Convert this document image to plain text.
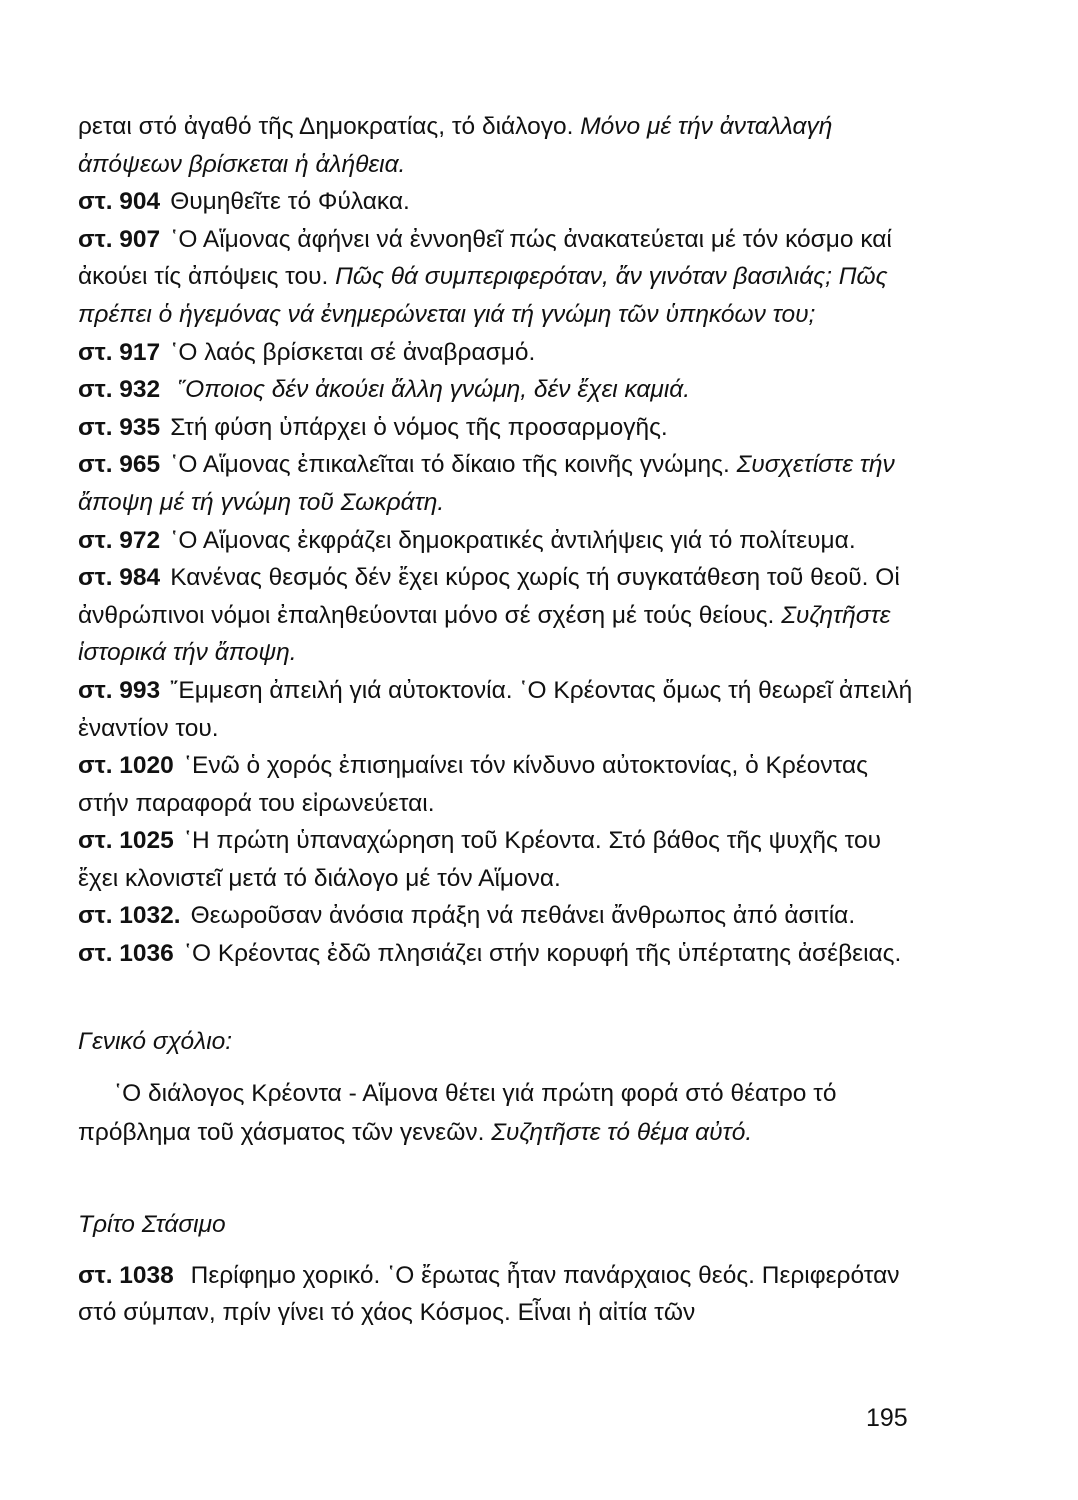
ρεται στό ἀγαθό τῆς Δημοκρατίας, τό διάλογο. Μόνο μέ τήν ἀνταλλαγή ἀπόψεων βρίσκεται ἡ ἀλήθεια.

στ. 904 Θυμηθεῖτε τό Φύλακα.

στ. 907 ῾Ο Αἵμονας ἀφήνει νά ἐννοηθεῖ πώς ἀνακατεύεται μέ τόν κόσμο καί ἀκούει τίς ἀπόψεις του. Πῶς θά συμπεριφερόταν, ἄν γινόταν βασιλιάς; Πῶς πρέπει ὁ ἡγεμόνας νά ἐνημερώνεται γιά τή γνώμη τῶν ὑπηκόων του;

στ. 917 ῾Ο λαός βρίσκεται σέ ἀναβρασμό.

στ. 932 ῞Οποιος δέν ἀκούει ἄλλη γνώμη, δέν ἔχει καμιά.

στ. 935 Στή φύση ὑπάρχει ὁ νόμος τῆς προσαρμογῆς.

στ. 965 ῾Ο Αἵμονας ἐπικαλεῖται τό δίκαιο τῆς κοινῆς γνώμης. Συσχετίστε τήν ἄποψη μέ τή γνώμη τοῦ Σωκράτη.

στ. 972 ῾Ο Αἵμονας ἐκφράζει δημοκρατικές ἀντιλήψεις γιά τό πολίτευμα.

στ. 984 Κανένας θεσμός δέν ἔχει κύρος χωρίς τή συγκατάθεση τοῦ θεοῦ. Οἱ ἀνθρώπινοι νόμοι ἐπαληθεύονται μόνο σέ σχέση μέ τούς θείους. Συζητῆστε ἱστορικά τήν ἄποψη.

στ. 993 ῎Εμμεση ἀπειλή γιά αὐτοκτονία. ῾Ο Κρέοντας ὅμως τή θεωρεῖ ἀπειλή ἐναντίον του.

στ. 1020 ῾Ενῶ ὁ χορός ἐπισημαίνει τόν κίνδυνο αὐτοκτονίας, ὁ Κρέοντας στήν παραφορά του εἰρωνεύεται.

στ. 1025 ῾Η πρώτη ὑπαναχώρηση τοῦ Κρέοντα. Στό βάθος τῆς ψυχῆς του ἔχει κλονιστεῖ μετά τό διάλογο μέ τόν Αἵμονα.

στ. 1032. Θεωροῦσαν ἀνόσια πράξη νά πεθάνει ἄνθρωπος ἀπό ἀσιτία.

στ. 1036 ῾Ο Κρέοντας ἐδῶ πλησιάζει στήν κορυφή τῆς ὑπέρτατης ἀσέβειας.

Γενικό σχόλιο:

῾Ο διάλογος Κρέοντα - Αἵμονα θέτει γιά πρώτη φορά στό θέατρο τό πρόβλημα τοῦ χάσματος τῶν γενεῶν. Συζητῆστε τό θέμα αὐτό.

Τρίτο Στάσιμο

στ. 1038 Περίφημο χορικό. ῾Ο ἔρωτας ἦταν πανάρχαιος θεός. Περιφερόταν στό σύμπαν, πρίν γίνει τό χάος Κόσμος. Εἶναι ἡ αἰτία τῶν

195
